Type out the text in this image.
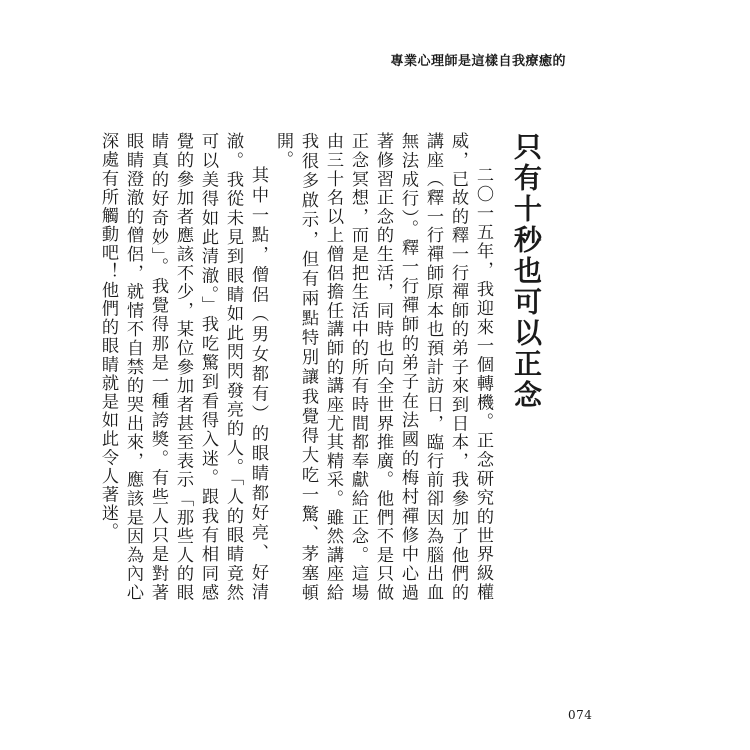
專業心理師是這樣自我療癒的
只有十秒也可以正念

二〇一五年，我迎來一個轉機。正念研究的世界級權威，已故的釋一行禪師的弟子來到日本，我參加了他們的講座（釋一行禪師原本也預計訪日，臨行前卻因為腦出血無法成行）。釋一行禪師的弟子在法國的梅村禪修中心過著修習正念的生活，同時也向全世界推廣。他們不是只做正念冥想，而是把生活中的所有時間都奉獻給正念。這場由三十名以上僧侶擔任講師的講座尤其精采。雖然講座給我很多啟示，但有兩點特別讓我覺得大吃一驚、茅塞頓開。

其中一點，僧侶（男女都有）的眼睛都好亮、好清澈。我從未見到眼睛如此閃閃發亮的人。「人的眼睛竟然可以美得如此清澈。」我吃驚到看得入迷。跟我有相同感覺的參加者應該不少，某位參加者甚至表示「那些人的眼睛真的好奇妙」。我覺得那是一種誇獎。有些人只是對著眼睛澄澈的僧侶，就情不自禁的哭出來，應該是因為內心深處有所觸動吧！他們的眼睛就是如此令人著迷。

074
